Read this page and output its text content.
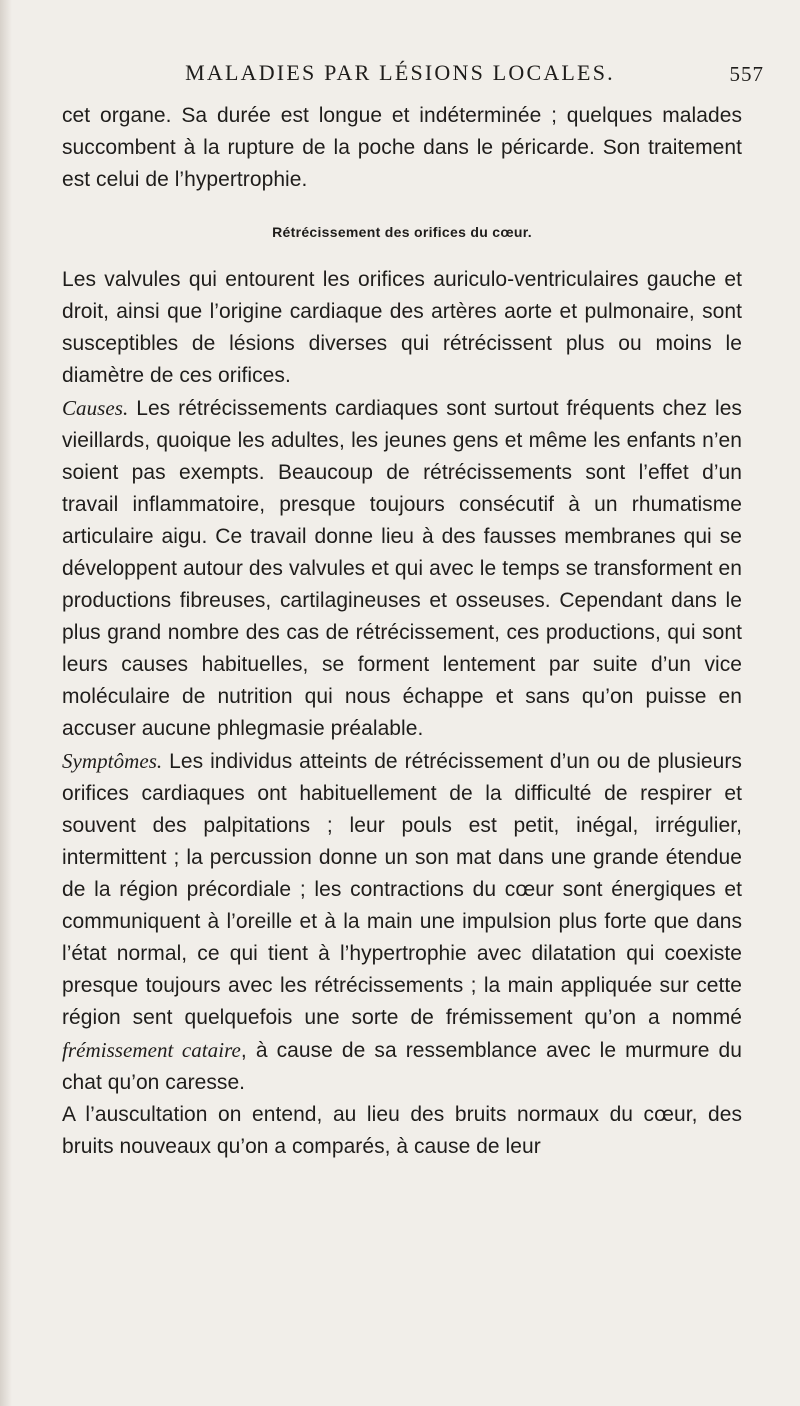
MALADIES PAR LÉSIONS LOCALES.	557

cet organe. Sa durée est longue et indéterminée ; quelques malades succombent à la rupture de la poche dans le péricarde. Son traitement est celui de l’hypertrophie.

Rétrécissement des orifices du cœur.

Les valvules qui entourent les orifices auriculo-ventriculaires gauche et droit, ainsi que l’origine cardiaque des artères aorte et pulmonaire, sont susceptibles de lésions diverses qui rétrécissent plus ou moins le diamètre de ces orifices.

Causes. Les rétrécissements cardiaques sont surtout fréquents chez les vieillards, quoique les adultes, les jeunes gens et même les enfants n’en soient pas exempts. Beaucoup de rétrécissements sont l’effet d’un travail inflammatoire, presque toujours consécutif à un rhumatisme articulaire aigu. Ce travail donne lieu à des fausses membranes qui se développent autour des valvules et qui avec le temps se transforment en productions fibreuses, cartilagineuses et osseuses. Cependant dans le plus grand nombre des cas de rétrécissement, ces productions, qui sont leurs causes habituelles, se forment lentement par suite d’un vice moléculaire de nutrition qui nous échappe et sans qu’on puisse en accuser aucune phlegmasie préalable.

Symptômes. Les individus atteints de rétrécissement d’un ou de plusieurs orifices cardiaques ont habituellement de la difficulté de respirer et souvent des palpitations ; leur pouls est petit, inégal, irrégulier, intermittent ; la percussion donne un son mat dans une grande étendue de la région précordiale ; les contractions du cœur sont énergiques et communiquent à l’oreille et à la main une impulsion plus forte que dans l’état normal, ce qui tient à l’hypertrophie avec dilatation qui coexiste presque toujours avec les rétrécissements ; la main appliquée sur cette région sent quelquefois une sorte de frémissement qu’on a nommé frémissement cataire, à cause de sa ressemblance avec le murmure du chat qu’on caresse.

A l’auscultation on entend, au lieu des bruits normaux du cœur, des bruits nouveaux qu’on a comparés, à cause de leur
